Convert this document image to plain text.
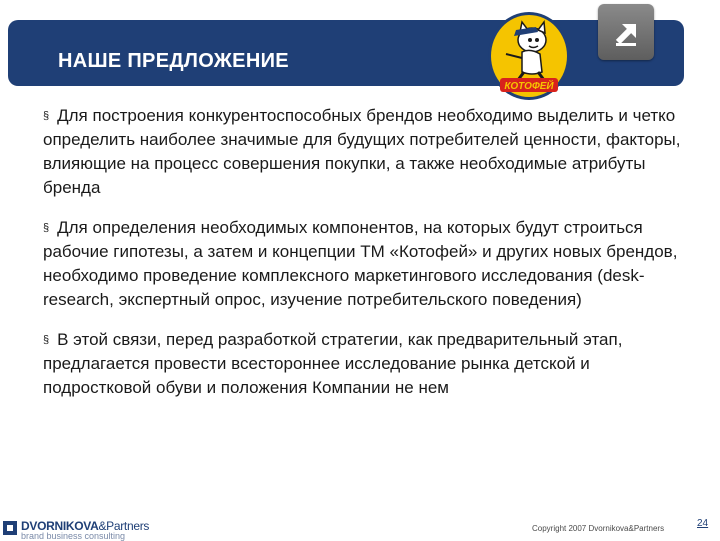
НАШЕ ПРЕДЛОЖЕНИЕ
КОТОФЕЙ

§ Для построения конкурентоспособных брендов необходимо выделить и четко определить наиболее значимые для будущих потребителей ценности, факторы, влияющие на процесс совершения покупки, а также необходимые атрибуты бренда

§ Для определения необходимых компонентов, на которых будут строиться рабочие гипотезы, а затем и концепции ТМ «Котофей» и других новых брендов, необходимо проведение комплексного маркетингового исследования (desk-research, экспертный опрос, изучение потребительского поведения)

§ В этой связи, перед разработкой стратегии, как предварительный этап, предлагается провести всестороннее исследование рынка детской и подростковой обуви и положения Компании не нем

DVORNIKOVA&Partners
brand business consulting
Copyright 2007 Dvornikova&Partners	24
